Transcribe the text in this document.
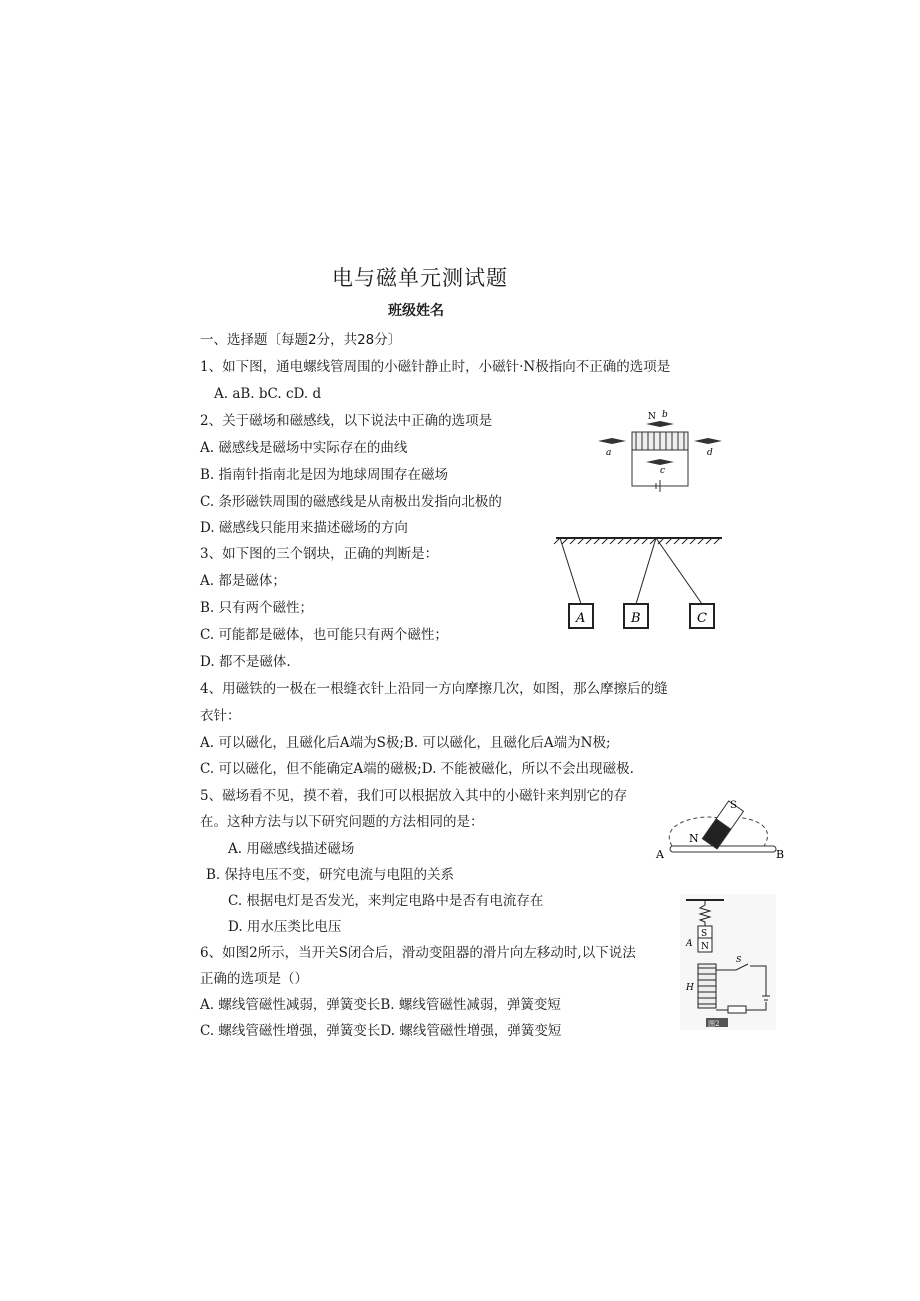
电与磁单元测试题
班级姓名
一、选择题〔每题2分，共28分〕
1、如下图，通电螺线管周围的小磁针静止时，小磁针·N极指向不正确的选项是
A. aB. bC. cD. d
2、关于磁场和磁感线，以下说法中正确的选项是
A. 磁感线是磁场中实际存在的曲线
B. 指南针指南北是因为地球周围存在磁场
C. 条形磁铁周围的磁感线是从南极出发指向北极的
D. 磁感线只能用来描述磁场的方向
3、如下图的三个钢块，正确的判断是：
A. 都是磁体；
B. 只有两个磁性；
C. 可能都是磁体，也可能只有两个磁性；
D. 都不是磁体.
4、用磁铁的一极在一根缝衣针上沿同一方向摩擦几次，如图，那么摩擦后的缝
衣针：
A. 可以磁化，且磁化后A端为S极;B. 可以磁化，且磁化后A端为N极;
C. 可以磁化，但不能确定A端的磁极;D. 不能被磁化，所以不会出现磁极.
5、磁场看不见，摸不着，我们可以根据放入其中的小磁针来判别它的存
在。这种方法与以下研究问题的方法相同的是：
A. 用磁感线描述磁场
B. 保持电压不变，研究电流与电阻的关系
C. 根据电灯是否发光，来判定电路中是否有电流存在
D. 用水压类比电压
6、如图2所示，当开关S闭合后，滑动变阻器的滑片向左移动时,以下说法
正确的选项是（）
A. 螺线管磁性减弱，弹簧变长B. 螺线管磁性减弱，弹簧变短
C. 螺线管磁性增强，弹簧变长D. 螺线管磁性增强，弹簧变短
N b
a
c
d
A	B	C
S
N
A	B
S
N
A
S
H
图2
